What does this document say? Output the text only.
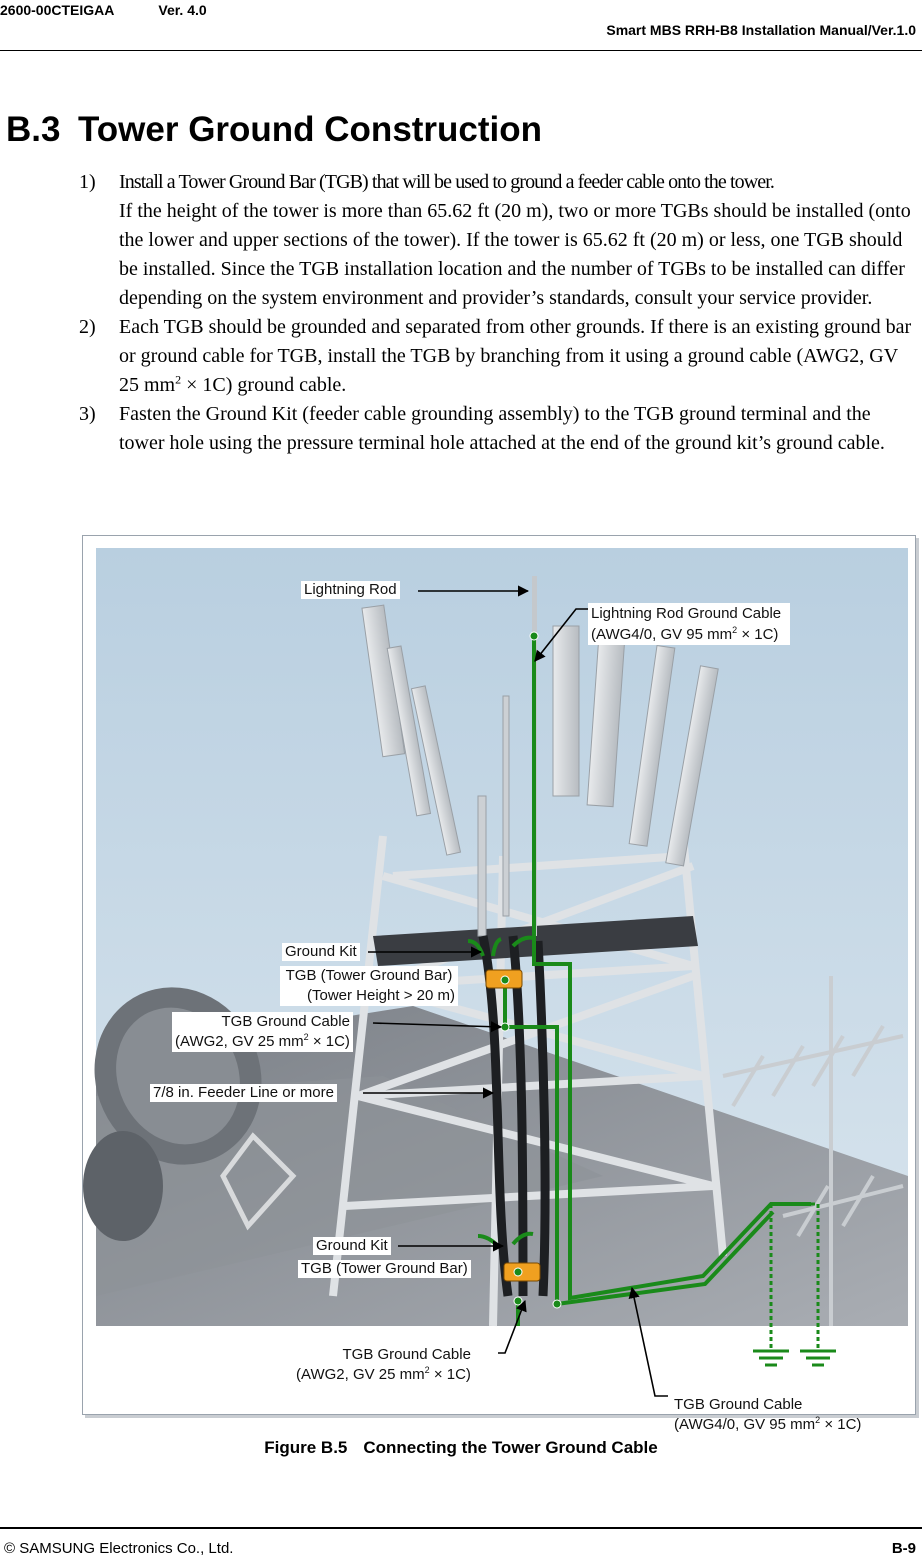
2600-00CTEIGAA	Ver. 4.0
Smart MBS RRH-B8 Installation Manual/Ver.1.0
B.3 Tower Ground Construction
1) Install a Tower Ground Bar (TGB) that will be used to ground a feeder cable onto the tower.
If the height of the tower is more than 65.62 ft (20 m), two or more TGBs should be installed (onto the lower and upper sections of the tower). If the tower is 65.62 ft (20 m) or less, one TGB should be installed. Since the TGB installation location and the number of TGBs to be installed can differ depending on the system environment and provider’s standards, consult your service provider.
2) Each TGB should be grounded and separated from other grounds. If there is an existing ground bar or ground cable for TGB, install the TGB by branching from it using a ground cable (AWG2, GV 25 $mm^2 \times 1C$) ground cable.
3) Fasten the Ground Kit (feeder cable grounding assembly) to the TGB ground terminal and the tower hole using the pressure terminal hole attached at the end of the ground kit’s ground cable.
Lightning Rod
Lightning Rod Ground Cable
(AWG4/0, GV 95 $mm^2 \times 1C$)
Ground Kit
TGB (Tower Ground Bar)
(Tower Height > 20 m)
TGB Ground Cable
(AWG2, GV 25 $mm^2 \times 1C$)
7/8 in. Feeder Line or more
Ground Kit
TGB (Tower Ground Bar)
TGB Ground Cable
(AWG2, GV 25 $mm^2 \times 1C$)
TGB Ground Cable
(AWG4/0, GV 95 $mm^2 \times 1C$)
Figure B.5 Connecting the Tower Ground Cable
© SAMSUNG Electronics Co., Ltd.	B-9
